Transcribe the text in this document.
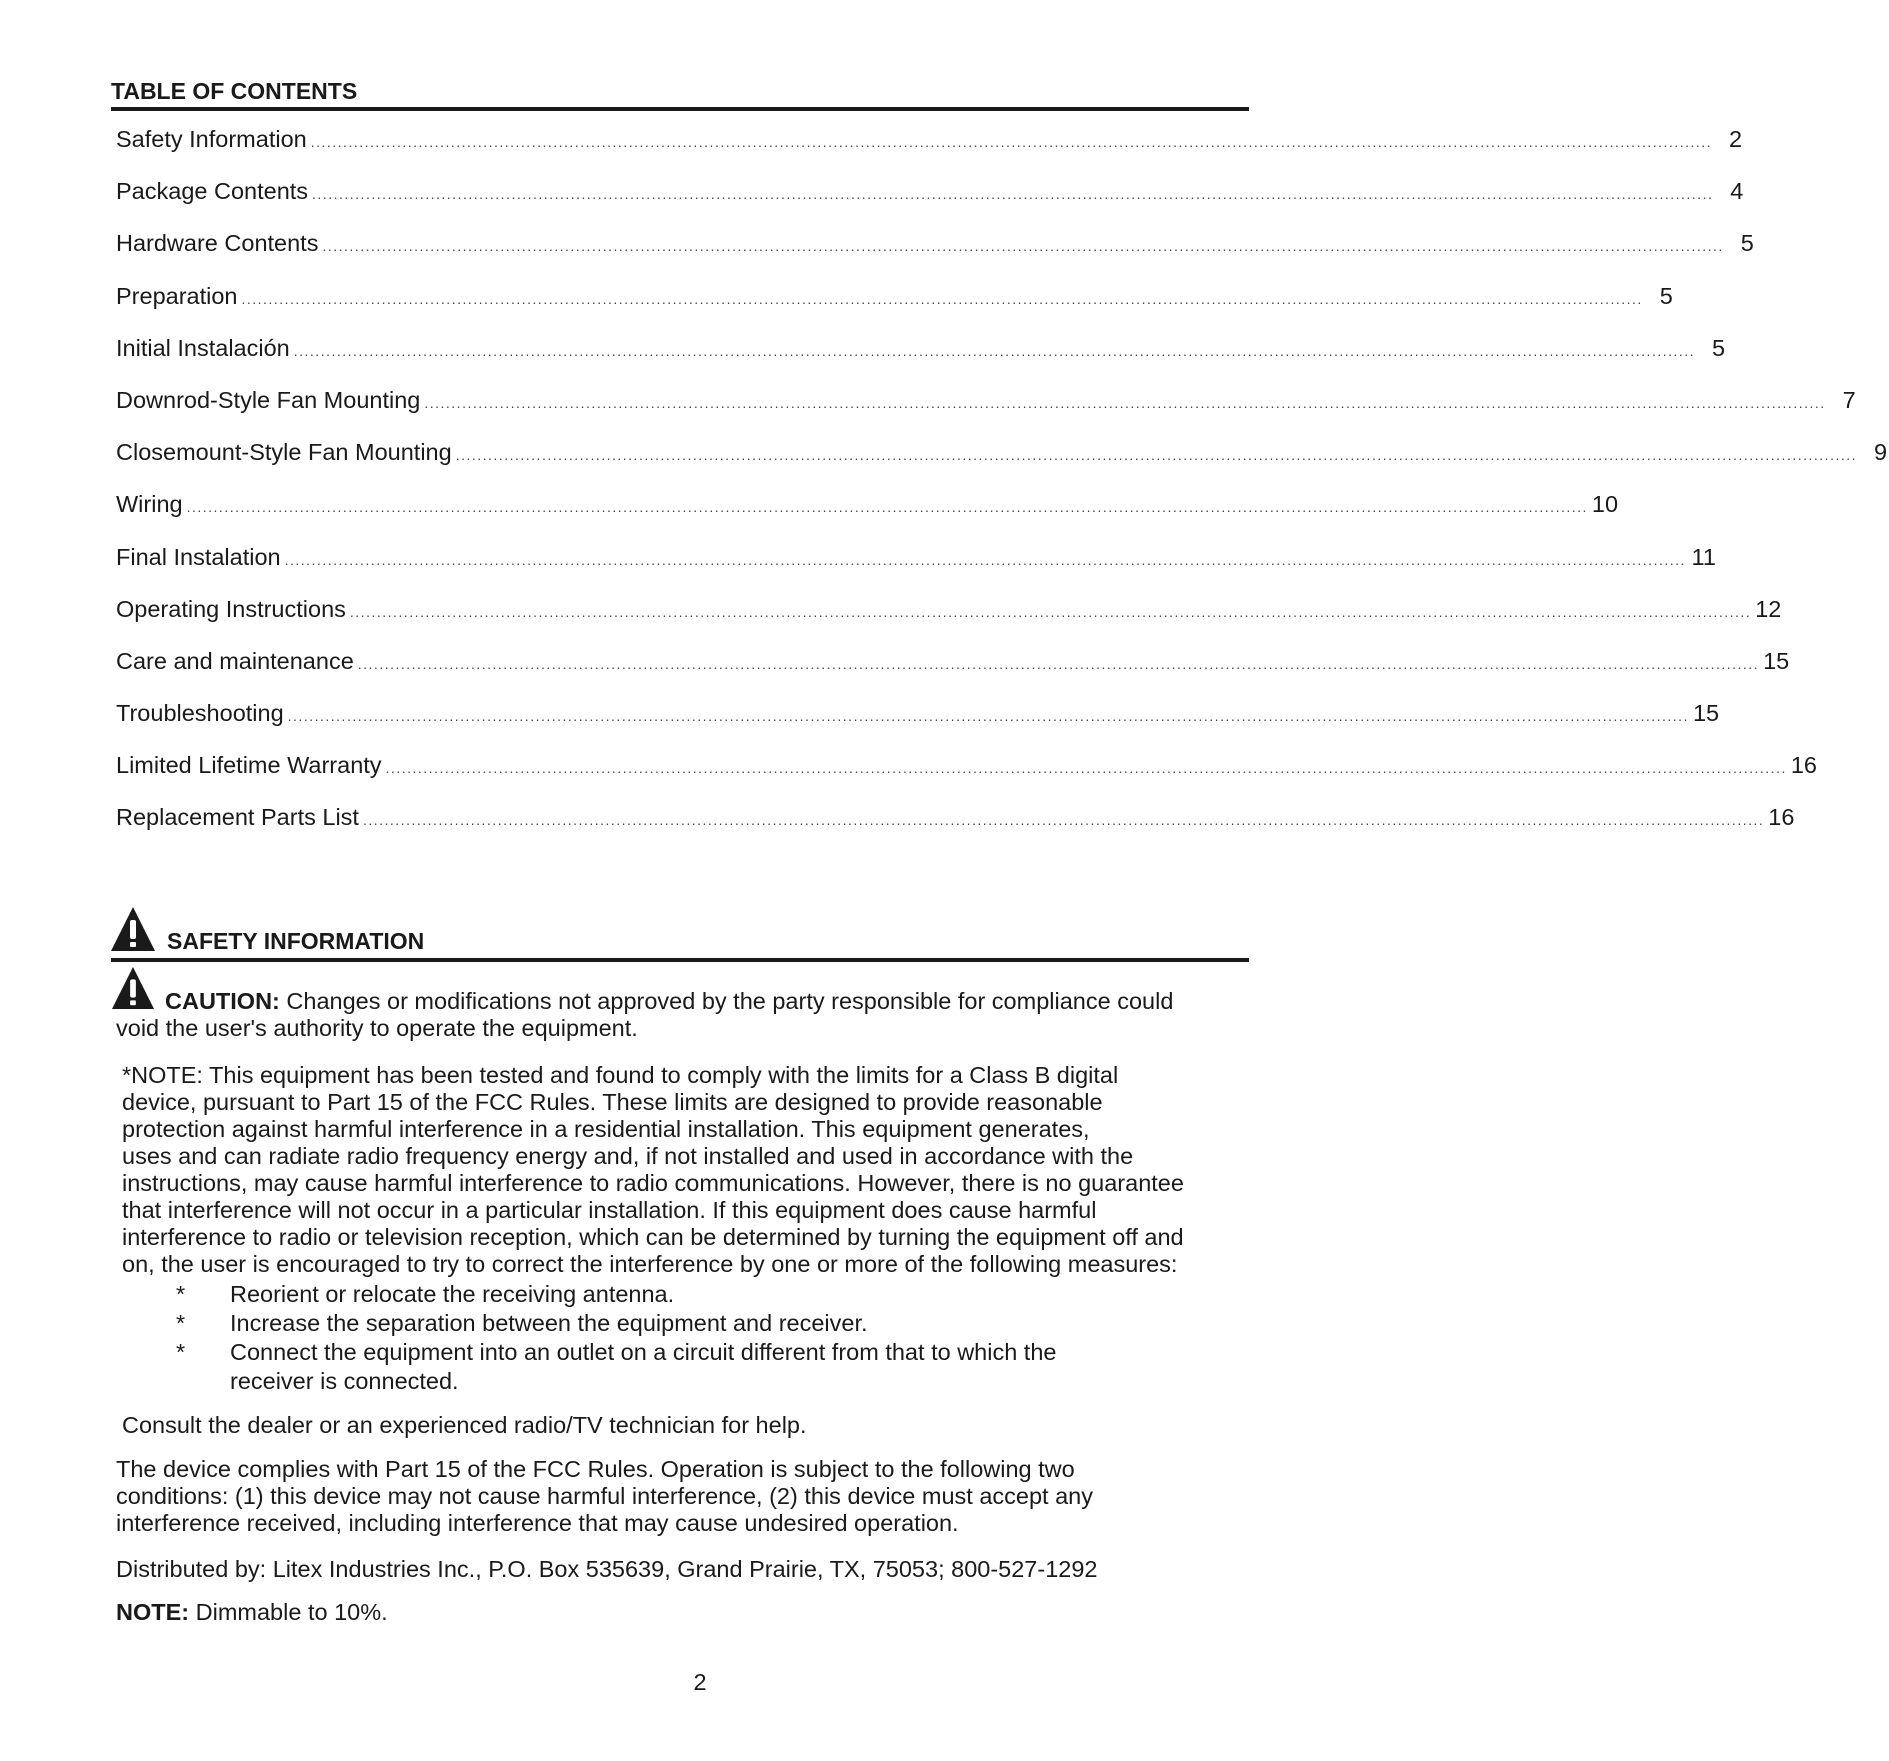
TABLE OF CONTENTS
Safety Information .................................................................................................................................................................................................................................................................... 2
Package Contents .................................................................................................................................................................................................................................................................... 4
Hardware Contents .................................................................................................................................................................................................................................................................... 5
Preparation .................................................................................................................................................................................................................................................................... 5
Initial Instalación .................................................................................................................................................................................................................................................................... 5
Downrod-Style Fan Mounting .................................................................................................................................................................................................................................................................... 7
Closemount-Style Fan Mounting .................................................................................................................................................................................................................................................................... 9
Wiring .................................................................................................................................................................................................................................................................... 10
Final Instalation .................................................................................................................................................................................................................................................................... 11
Operating Instructions .................................................................................................................................................................................................................................................................... 12
Care and maintenance .................................................................................................................................................................................................................................................................... 15
Troubleshooting .................................................................................................................................................................................................................................................................... 15
Limited Lifetime Warranty .................................................................................................................................................................................................................................................................... 16
Replacement Parts List .................................................................................................................................................................................................................................................................... 16
SAFETY INFORMATION
CAUTION: Changes or modifications not approved by the party responsible for compliance could
void the user's authority to operate the equipment.
*NOTE: This equipment has been tested and found to comply with the limits for a Class B digital
device, pursuant to Part 15 of the FCC Rules. These limits are designed to provide reasonable
protection against harmful interference in a residential installation. This equipment generates,
uses and can radiate radio frequency energy and, if not installed and used in accordance with the
instructions, may cause harmful interference to radio communications. However, there is no guarantee
that interference will not occur in a particular installation. If this equipment does cause harmful
interference to radio or television reception, which can be determined by turning the equipment off and
on, the user is encouraged to try to correct the interference by one or more of the following measures:
*	Reorient or relocate the receiving antenna.
*	Increase the separation between the equipment and receiver.
*	Connect the equipment into an outlet on a circuit different from that to which the
receiver is connected.

Consult the dealer or an experienced radio/TV technician for help.

The device complies with Part 15 of the FCC Rules. Operation is subject to the following two
conditions: (1) this device may not cause harmful interference, (2) this device must accept any
interference received, including interference that may cause undesired operation.

Distributed by: Litex Industries Inc., P.O. Box 535639, Grand Prairie, TX, 75053; 800-527-1292

NOTE: Dimmable to 10%.

2
